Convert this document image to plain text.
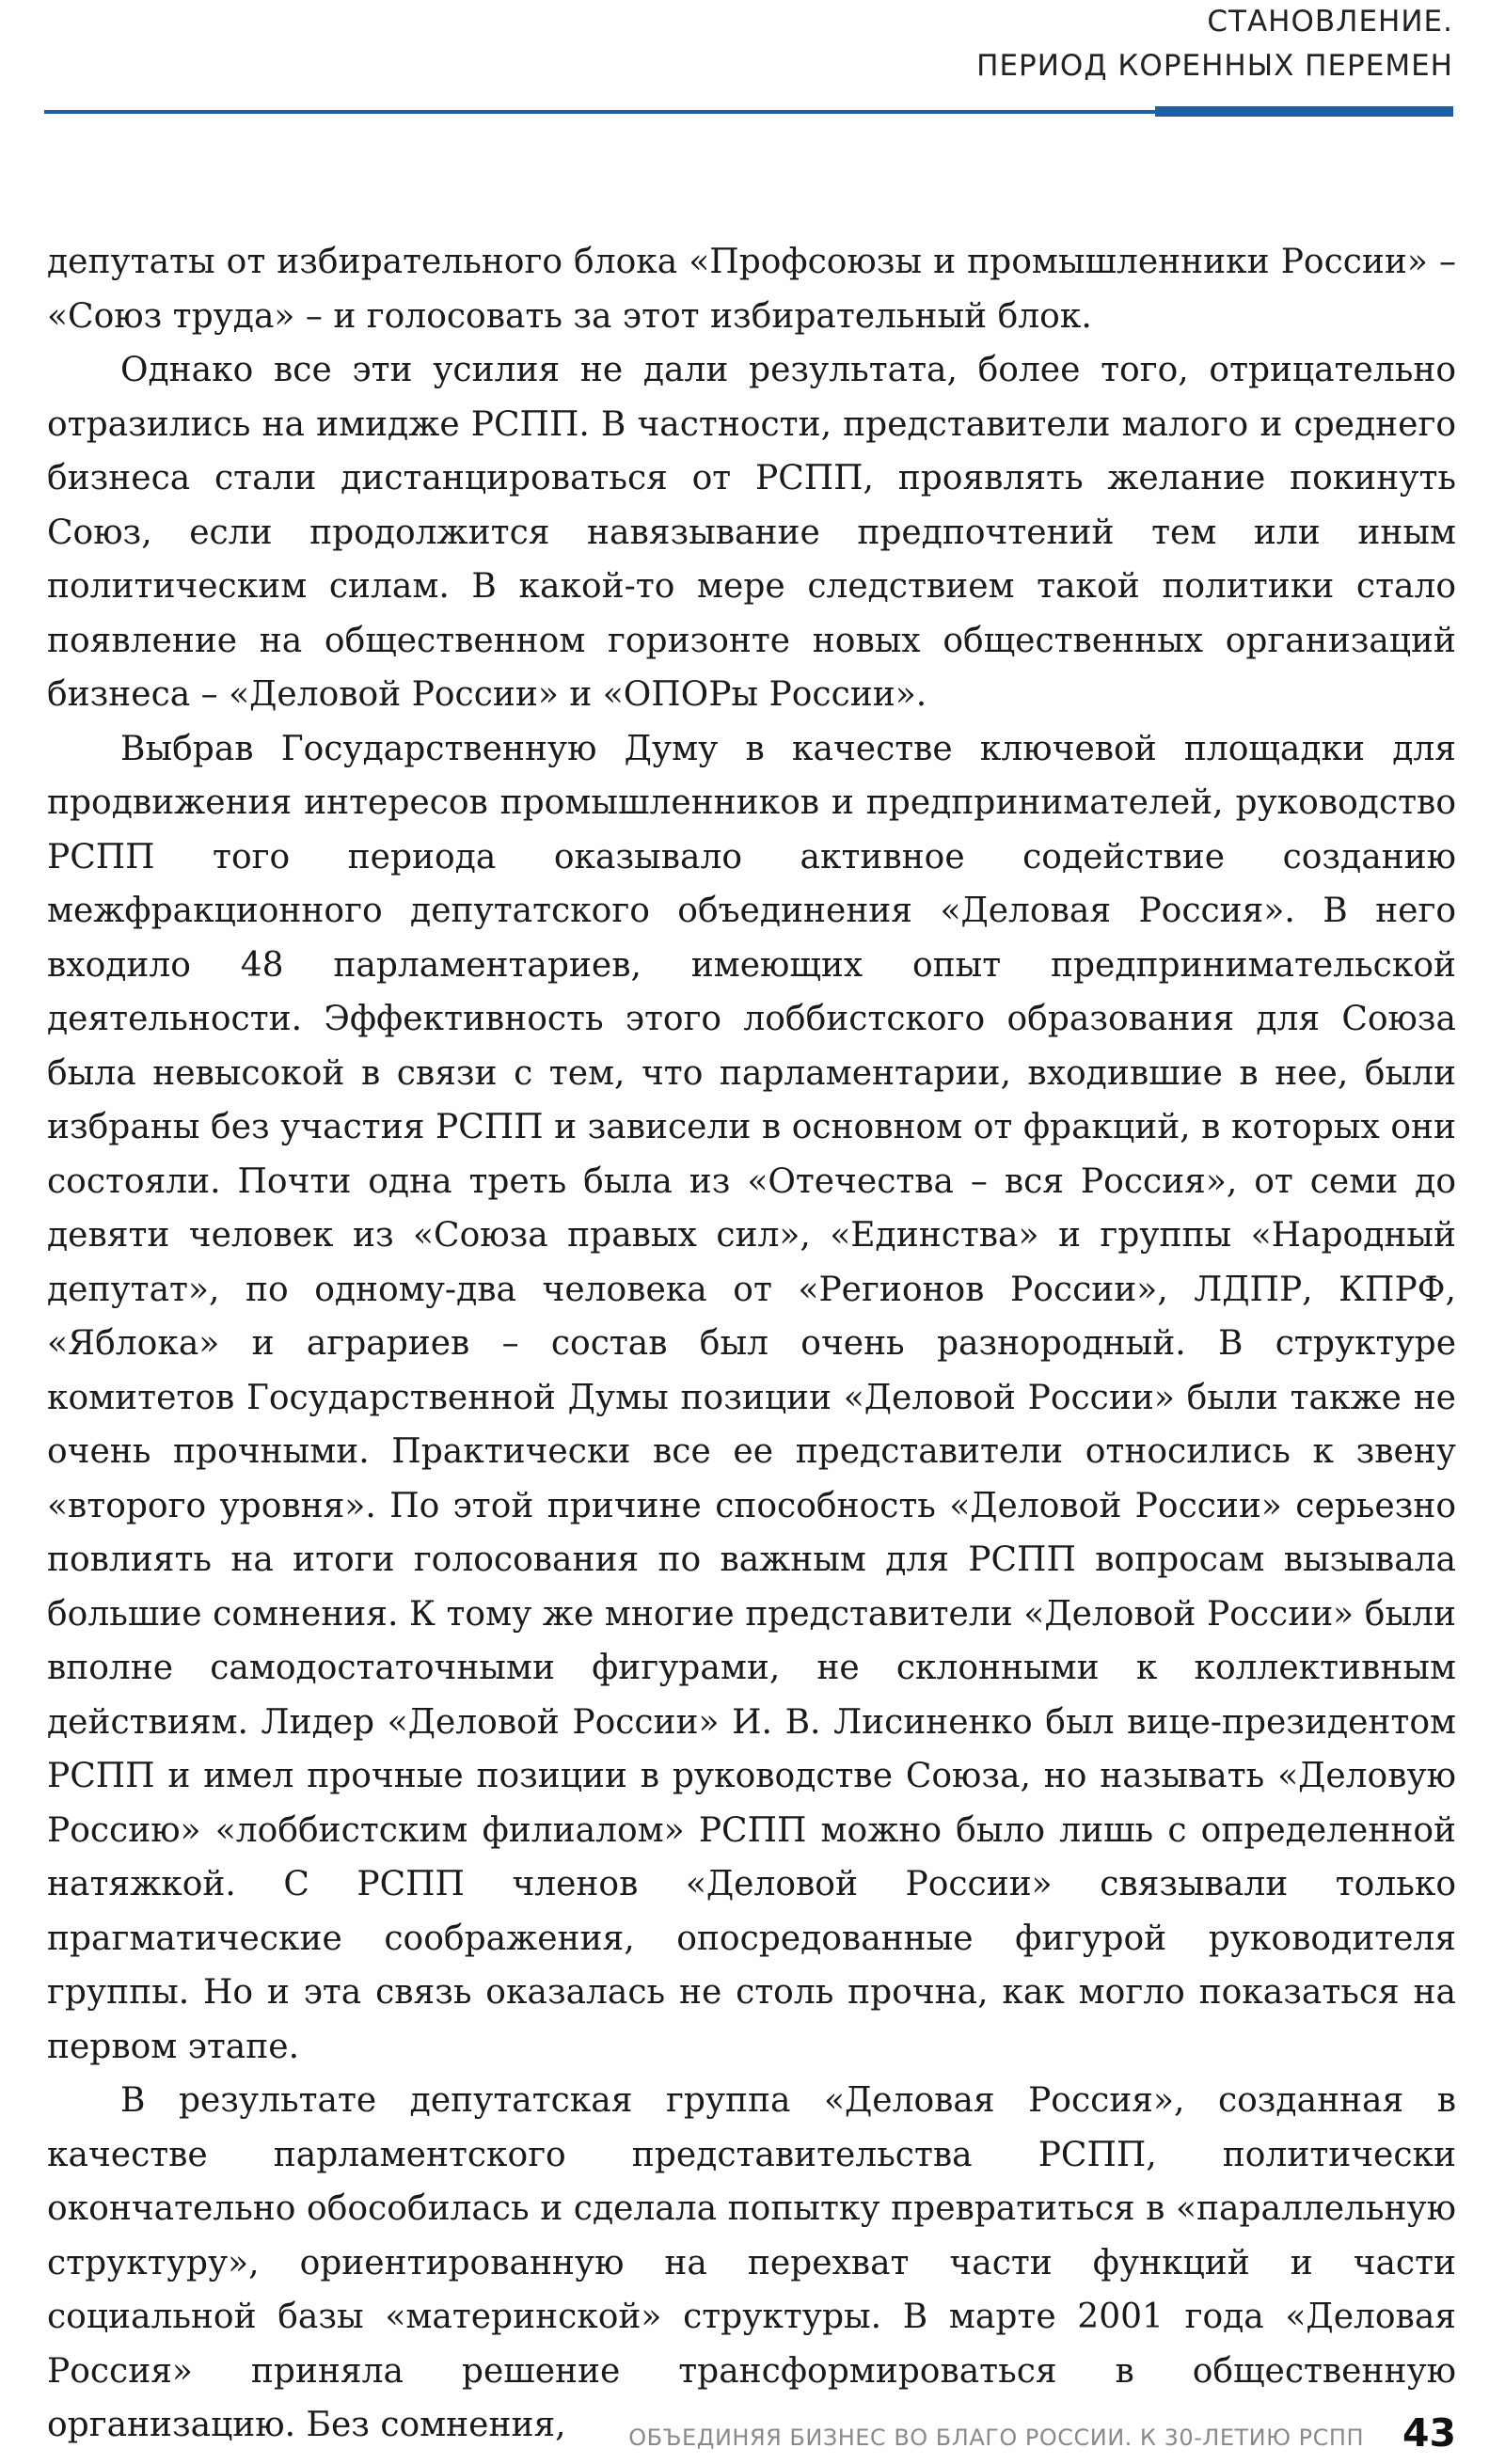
СТАНОВЛЕНИЕ.
ПЕРИОД КОРЕННЫХ ПЕРЕМЕН

депутаты от избирательного блока «Профсоюзы и промышленники России» – «Союз труда» – и голосовать за этот избирательный блок.

Однако все эти усилия не дали результата, более того, отрицательно отразились на имидже РСПП. В частности, представители малого и среднего бизнеса стали дистанцироваться от РСПП, проявлять желание покинуть Союз, если продолжится навязывание предпочтений тем или иным политическим силам. В какой-то мере следствием такой политики стало появление на общественном горизонте новых общественных организаций бизнеса – «Деловой России» и «ОПОРы России».

Выбрав Государственную Думу в качестве ключевой площадки для продвижения интересов промышленников и предпринимателей, руководство РСПП того периода оказывало активное содействие созданию межфракционного депутатского объединения «Деловая Россия». В него входило 48 парламентариев, имеющих опыт предпринимательской деятельности. Эффективность этого лоббистского образования для Союза была невысокой в связи с тем, что парламентарии, входившие в нее, были избраны без участия РСПП и зависели в основном от фракций, в которых они состояли. Почти одна треть была из «Отечества – вся Россия», от семи до девяти человек из «Союза правых сил», «Единства» и группы «Народный депутат», по одному-два человека от «Регионов России», ЛДПР, КПРФ, «Яблока» и аграриев – состав был очень разнородный. В структуре комитетов Государственной Думы позиции «Деловой России» были также не очень прочными. Практически все ее представители относились к звену «второго уровня». По этой причине способность «Деловой России» серьезно повлиять на итоги голосования по важным для РСПП вопросам вызывала большие сомнения. К тому же многие представители «Деловой России» были вполне самодостаточными фигурами, не склонными к коллективным действиям. Лидер «Деловой России» И. В. Лисиненко был вице-президентом РСПП и имел прочные позиции в руководстве Союза, но называть «Деловую Россию» «лоббистским филиалом» РСПП можно было лишь с определенной натяжкой. С РСПП членов «Деловой России» связывали только прагматические соображения, опосредованные фигурой руководителя группы. Но и эта связь оказалась не столь прочна, как могло показаться на первом этапе.

В результате депутатская группа «Деловая Россия», созданная в качестве парламентского представительства РСПП, политически окончательно обособилась и сделала попытку превратиться в «параллельную структуру», ориентированную на перехват части функций и части социальной базы «материнской» структуры. В марте 2001 года «Деловая Россия» приняла решение трансформироваться в общественную организацию. Без сомнения,	ОБЪЕДИНЯЯ БИЗНЕС ВО БЛАГО РОССИИ. К 30-ЛЕТИЮ РСПП 43
